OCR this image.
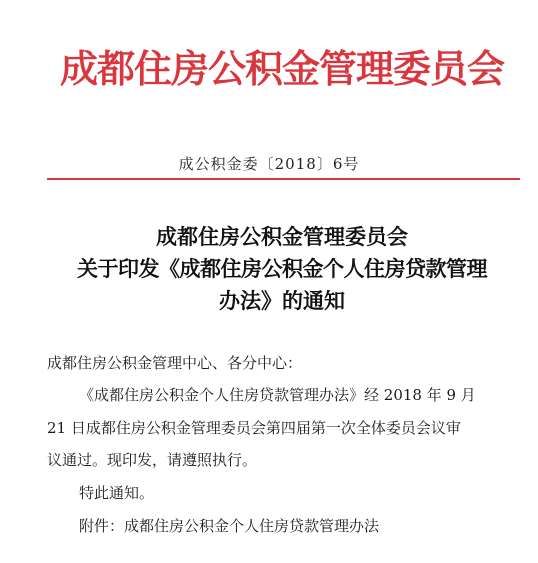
成都住房公积金管理委员会
成公积金委〔2018〕6号
成都住房公积金管理委员会
关于印发《成都住房公积金个人住房贷款管理
办法》的通知
成都住房公积金管理中心、各分中心：
《成都住房公积金个人住房贷款管理办法》经 2018 年 9 月
21 日成都住房公积金管理委员会第四届第一次全体委员会议审
议通过。现印发，请遵照执行。
特此通知。
附件：成都住房公积金个人住房贷款管理办法
